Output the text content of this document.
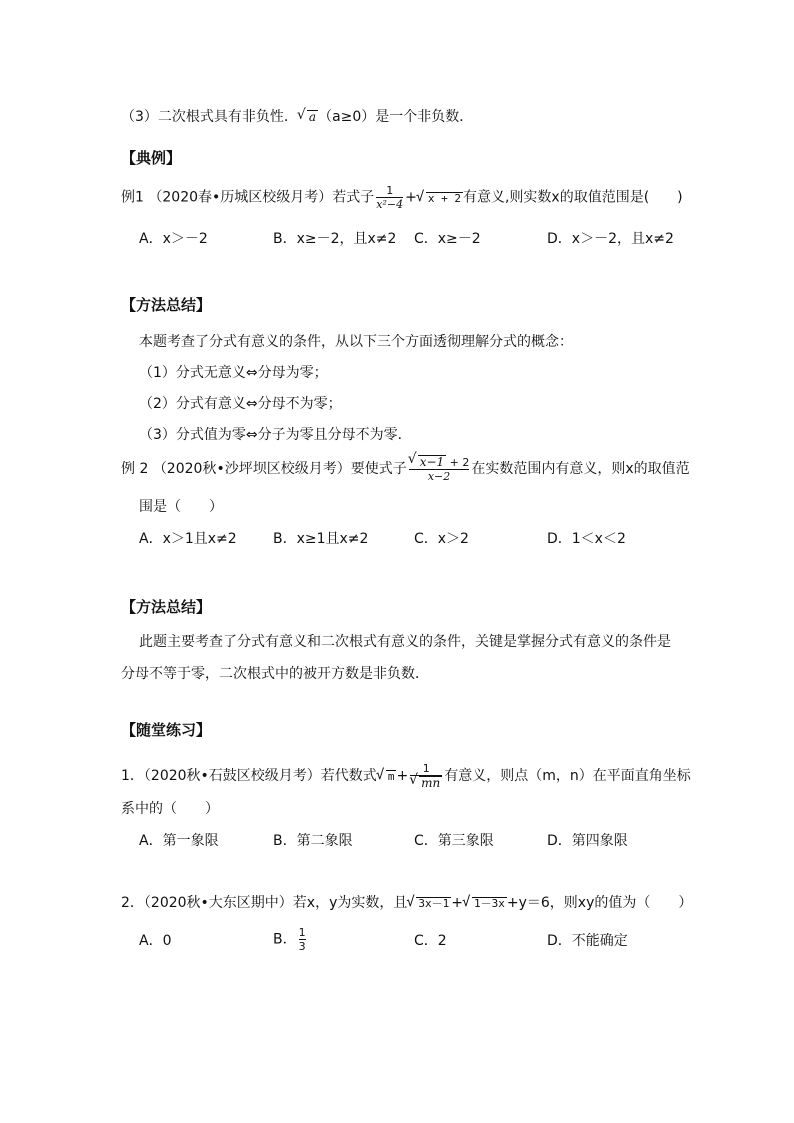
（3）二次根式具有非负性． √ a （a≥0）是一个非负数．
【典例】
例1 （2020春•历城区校级月考）若式子 $\frac{1}{\text{x²−4}}$ + √ x + 2 有意义,则实数x的取值范围是(　　)
A．x＞－2	B．x≥－2，且x≠2 C．x≥－2	D．x＞－2，且x≠2
【方法总结】
本题考查了分式有意义的条件，从以下三个方面透彻理解分式的概念：
（1）分式无意义⇔分母为零；
（2）分式有意义⇔分母不为零；
（3）分式值为零⇔分子为零且分母不为零．
例 2 （2020秋•沙坪坝区校级月考）要使式子 √ $\frac{x-1 + 2}{x-2}$ 在实数范围内有意义，则x的取值范
围是（　　）
A．x＞1且x≠2	B．x≥1且x≠2	C．x＞2	D．1＜x＜2
【方法总结】
此题主要考查了分式有意义和二次根式有意义的条件，关键是掌握分式有意义的条件是
分母不等于零，二次根式中的被开方数是非负数．
【随堂练习】
1．（2020秋•石鼓区校级月考）若代数式 √ m + 1
√ mn 有意义，则点（m，n）在平面直角坐标
系中的（　　）
A．第一象限	B．第二象限	C．第三象限	D．第四象限
2．（2020秋•大东区期中）若x，y为实数，且 √ 3x－1 + √ 1－3x +y＝6，则xy的值为（　　）
A．0	B． $\frac{1}{3}$	C．2	D．不能确定
